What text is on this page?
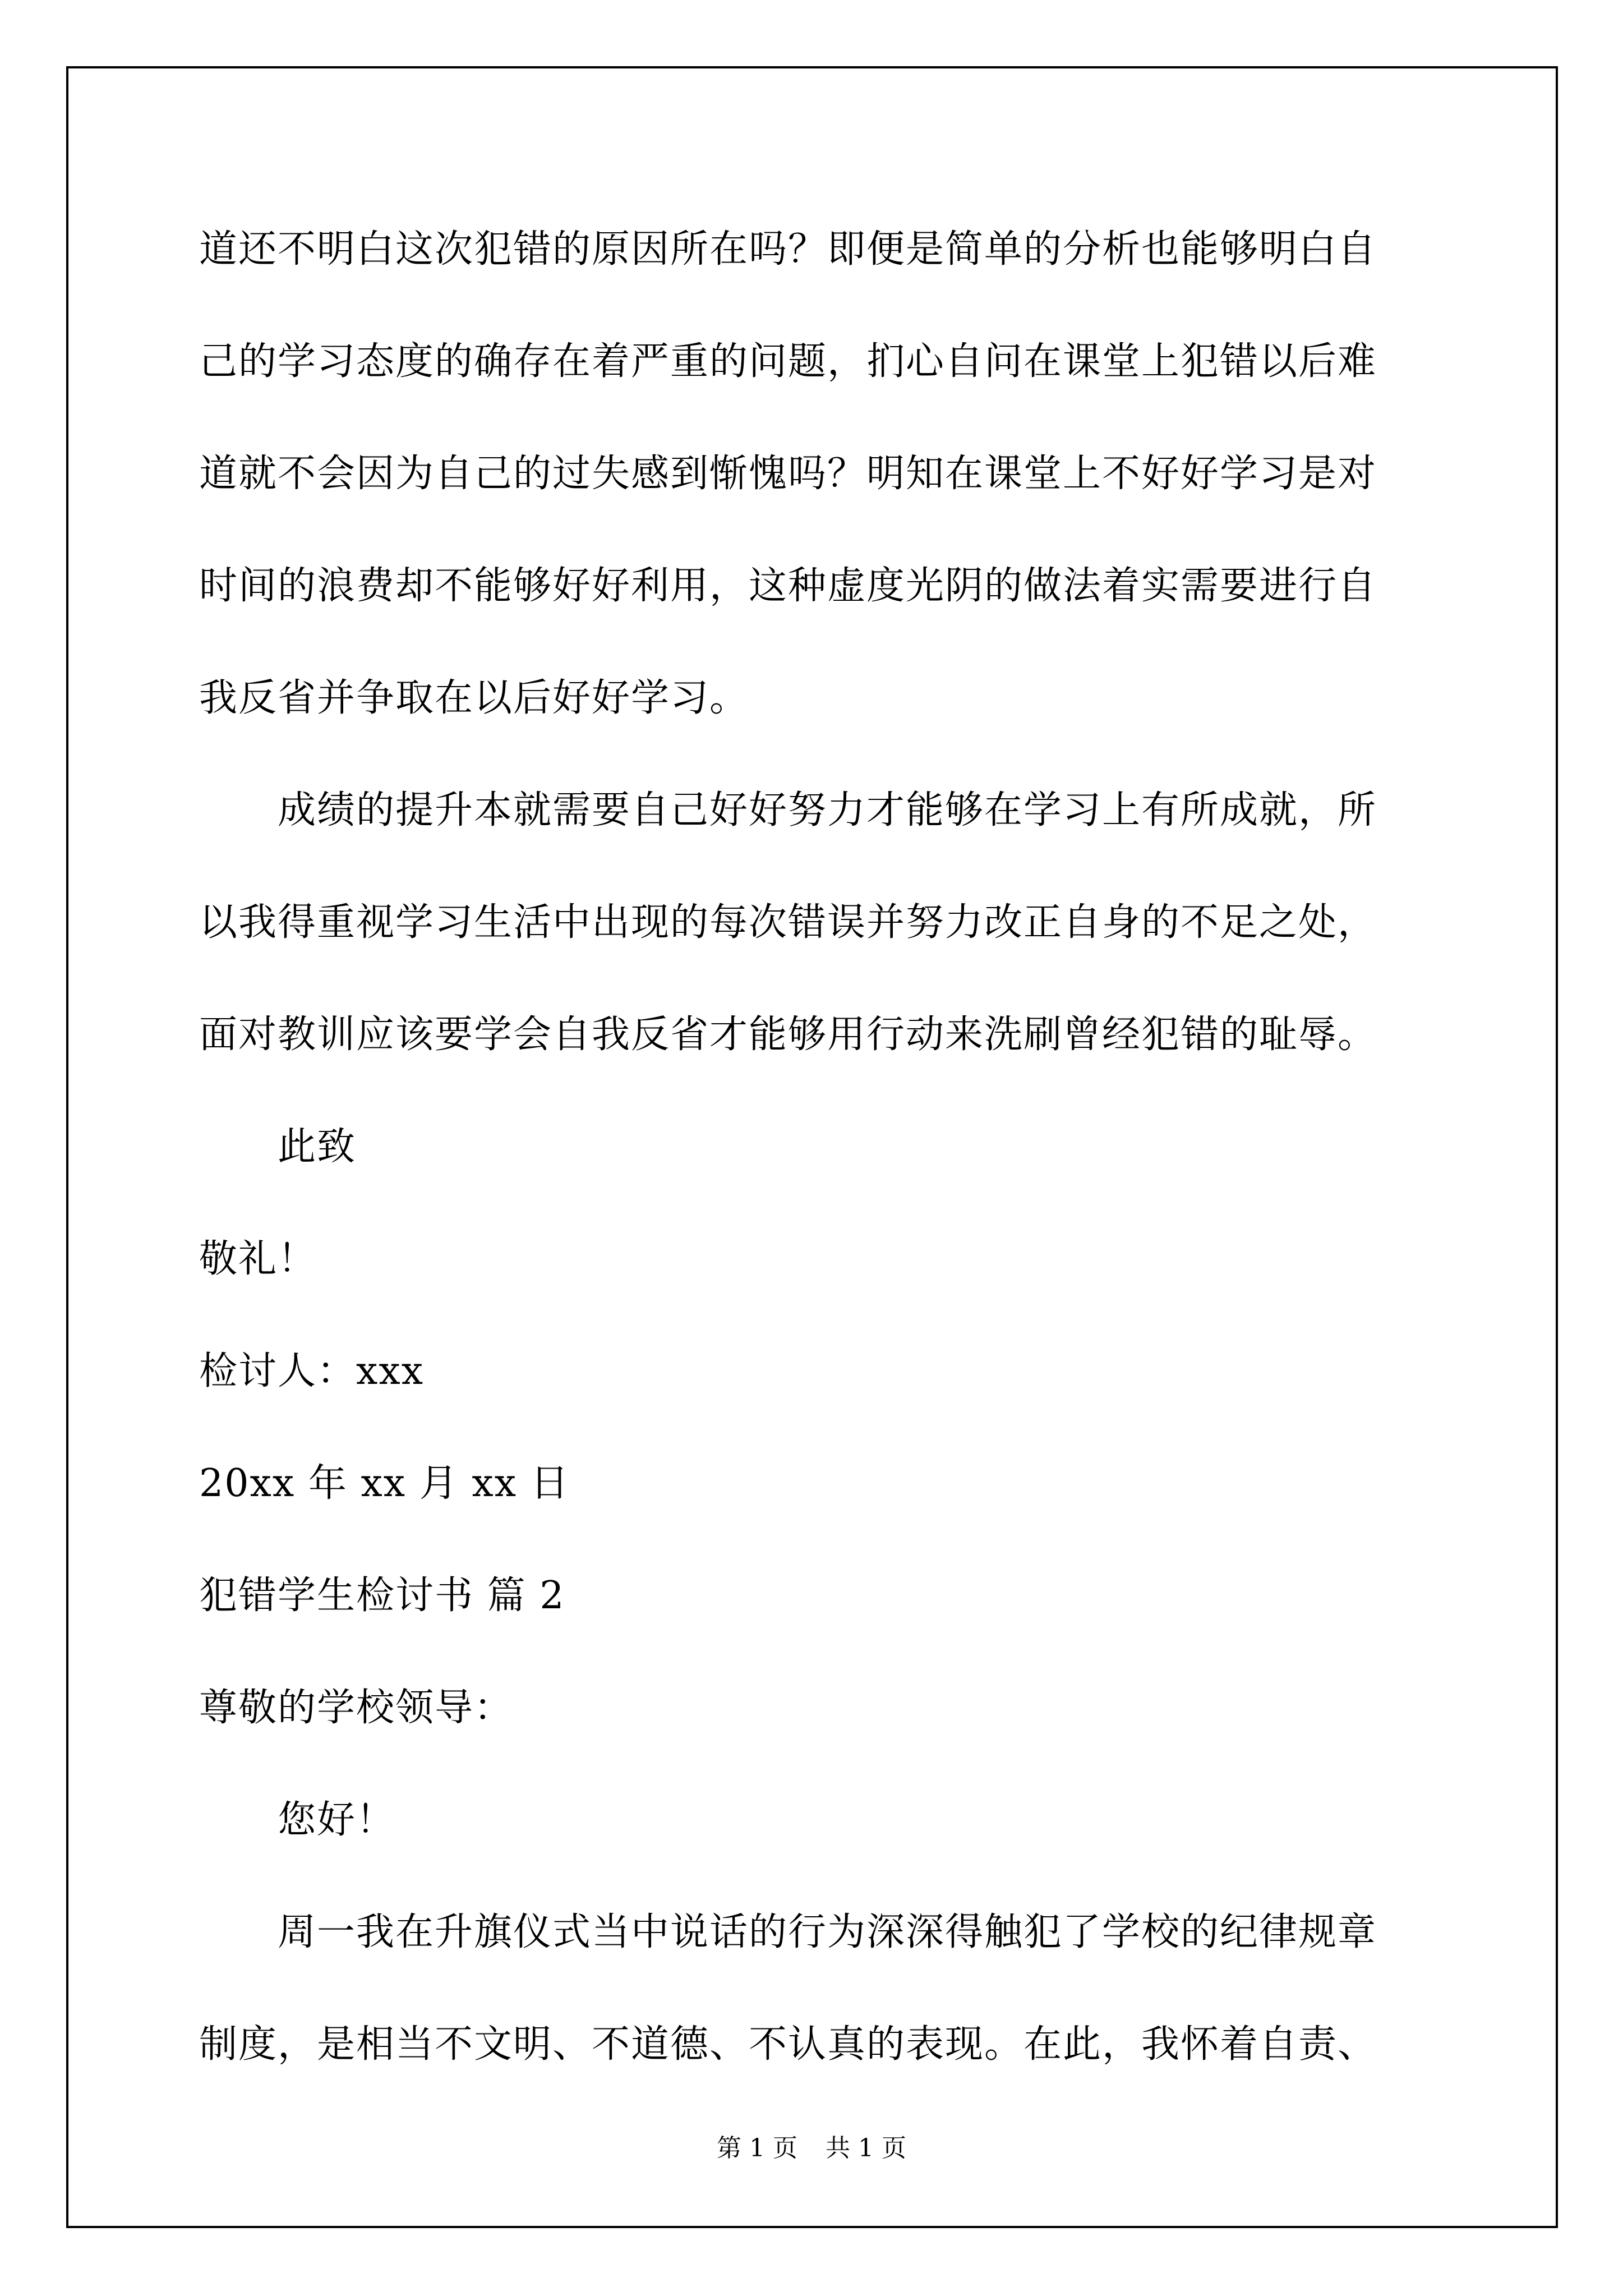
道还不明白这次犯错的原因所在吗？即便是简单的分析也能够明白自
己的学习态度的确存在着严重的问题，扪心自问在课堂上犯错以后难
道就不会因为自己的过失感到惭愧吗？明知在课堂上不好好学习是对
时间的浪费却不能够好好利用，这种虚度光阴的做法着实需要进行自
我反省并争取在以后好好学习。
成绩的提升本就需要自己好好努力才能够在学习上有所成就，所
以我得重视学习生活中出现的每次错误并努力改正自身的不足之处，
面对教训应该要学会自我反省才能够用行动来洗刷曾经犯错的耻辱。
此致
敬礼！
检讨人：xxx
20xx 年 xx 月 xx 日
犯错学生检讨书 篇 2
尊敬的学校领导：
您好！
周一我在升旗仪式当中说话的行为深深得触犯了学校的纪律规章
制度，是相当不文明、不道德、不认真的表现。在此，我怀着自责、
第 1 页 共 1 页
